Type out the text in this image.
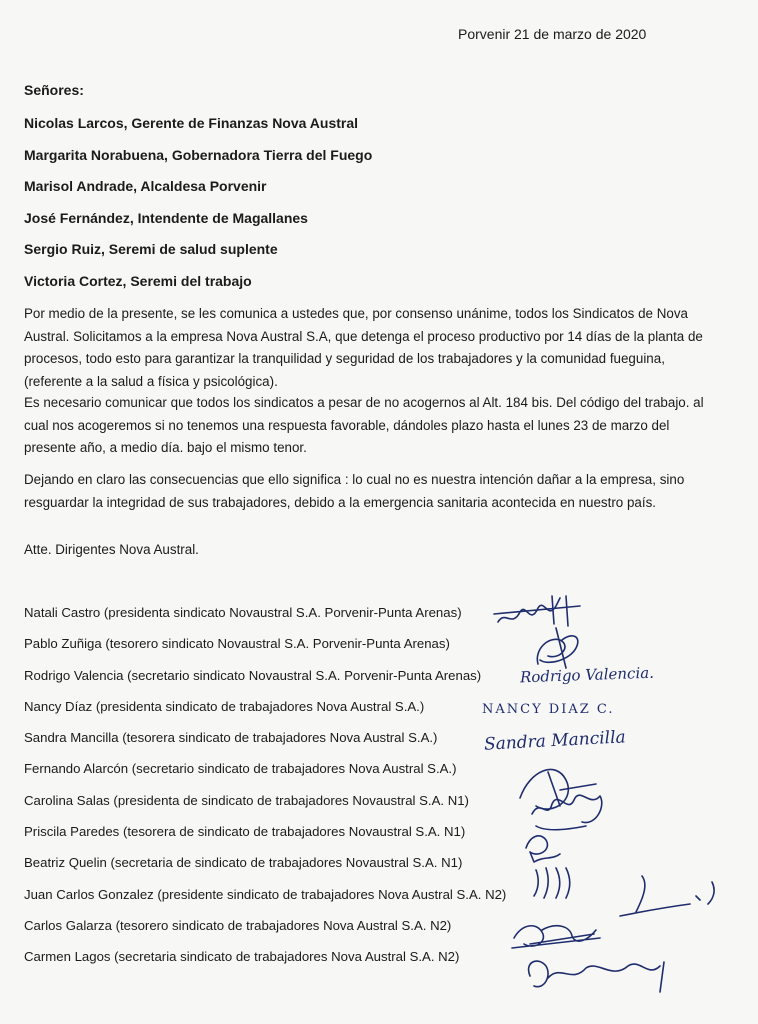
Porvenir 21 de marzo de 2020
Señores:
Nicolas Larcos, Gerente de Finanzas Nova Austral
Margarita Norabuena, Gobernadora Tierra del Fuego
Marisol Andrade, Alcaldesa Porvenir
José Fernández, Intendente de Magallanes
Sergio Ruiz, Seremi de salud suplente
Victoria Cortez, Seremi del trabajo

Por medio de la presente, se les comunica a ustedes que, por consenso unánime, todos los Sindicatos de Nova Austral. Solicitamos a la empresa Nova Austral S.A, que detenga el proceso productivo por 14 días de la planta de procesos, todo esto para garantizar la tranquilidad y seguridad de los trabajadores y la comunidad fueguina, (referente a la salud a física y psicológica).

Es necesario comunicar que todos los sindicatos a pesar de no acogernos al Alt. 184 bis. Del código del trabajo. al cual nos acogeremos si no tenemos una respuesta favorable, dándoles plazo hasta el lunes 23 de marzo del presente año, a medio día. bajo el mismo tenor.

Dejando en claro las consecuencias que ello significa : lo cual no es nuestra intención dañar a la empresa, sino resguardar la integridad de sus trabajadores, debido a la emergencia sanitaria acontecida en nuestro país.

Atte. Dirigentes Nova Austral.
Natali Castro (presidenta sindicato Novaustral S.A. Porvenir-Punta Arenas)
Pablo Zuñiga (tesorero sindicato Novaustral S.A. Porvenir-Punta Arenas)
Rodrigo Valencia (secretario sindicato Novaustral S.A. Porvenir-Punta Arenas)
Nancy Díaz (presidenta sindicato de trabajadores Nova Austral S.A.)
Sandra Mancilla (tesorera sindicato de trabajadores Nova Austral S.A.)
Fernando Alarcón (secretario sindicato de trabajadores Nova Austral S.A.)
Carolina Salas (presidenta de sindicato de trabajadores Novaustral S.A. N1)
Priscila Paredes (tesorera de sindicato de trabajadores Novaustral S.A. N1)
Beatriz Quelin (secretaria de sindicato de trabajadores Novaustral S.A. N1)
Juan Carlos Gonzalez (presidente sindicato de trabajadores Nova Austral S.A. N2)
Carlos Galarza (tesorero sindicato de trabajadores Nova Austral S.A. N2)
Carmen Lagos (secretaria sindicato de trabajadores Nova Austral S.A. N2)
Rodrigo Valencia.
NANCY DIAZ C.
Sandra Mancilla
